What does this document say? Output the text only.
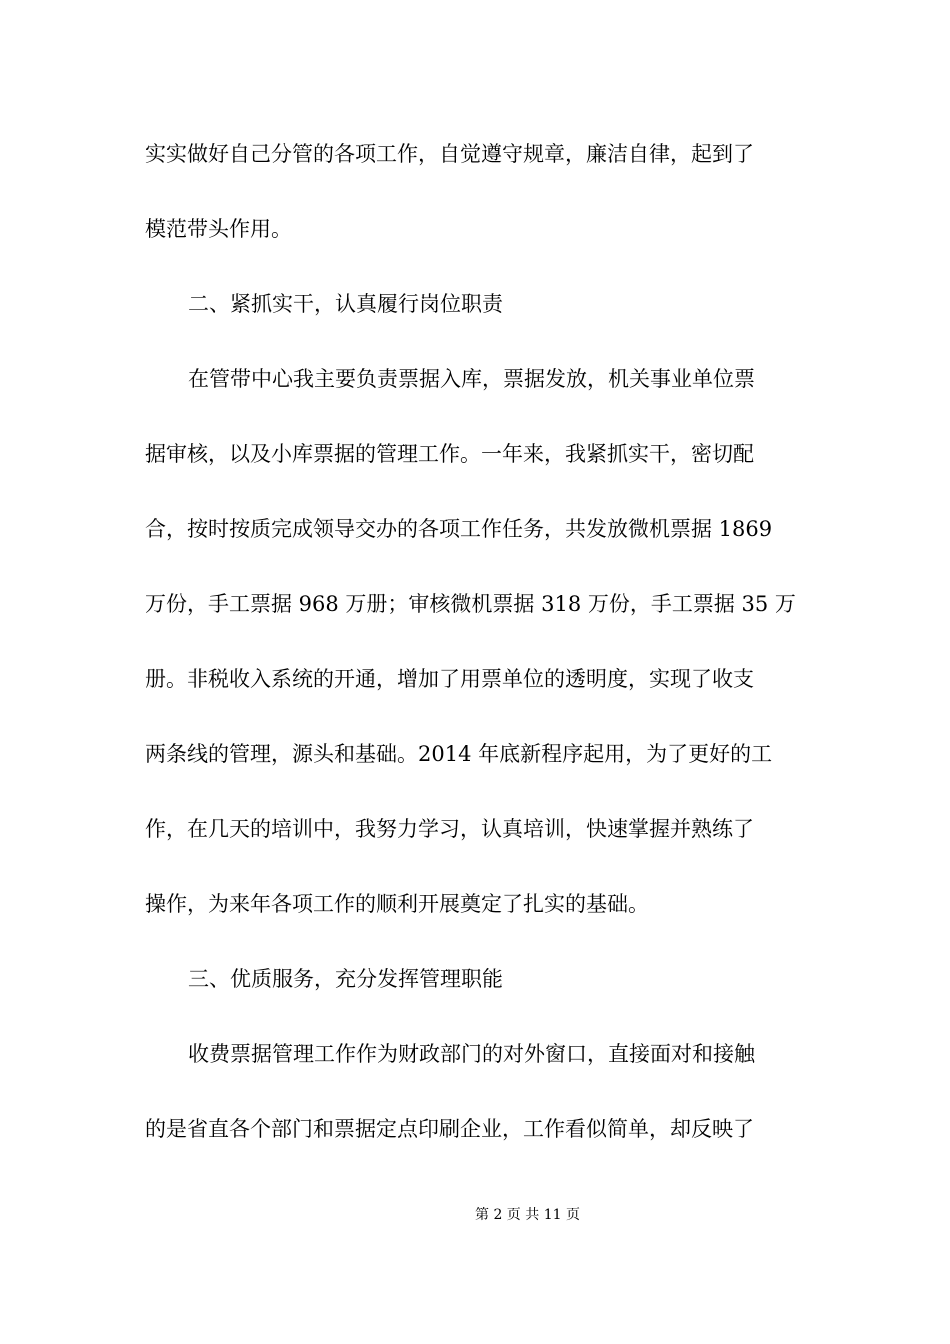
实实做好自己分管的各项工作，自觉遵守规章，廉洁自律，起到了
模范带头作用。
二、紧抓实干，认真履行岗位职责
在管带中心我主要负责票据入库，票据发放，机关事业单位票
据审核，以及小库票据的管理工作。一年来，我紧抓实干，密切配
合，按时按质完成领导交办的各项工作任务，共发放微机票据 1869
万份，手工票据 968 万册；审核微机票据 318 万份，手工票据 35 万
册。非税收入系统的开通，增加了用票单位的透明度，实现了收支
两条线的管理，源头和基础。2014 年底新程序起用，为了更好的工
作，在几天的培训中，我努力学习，认真培训，快速掌握并熟练了
操作，为来年各项工作的顺利开展奠定了扎实的基础。
三、优质服务，充分发挥管理职能
收费票据管理工作作为财政部门的对外窗口，直接面对和接触
的是省直各个部门和票据定点印刷企业，工作看似简单，却反映了
第 2 页 共 11 页
